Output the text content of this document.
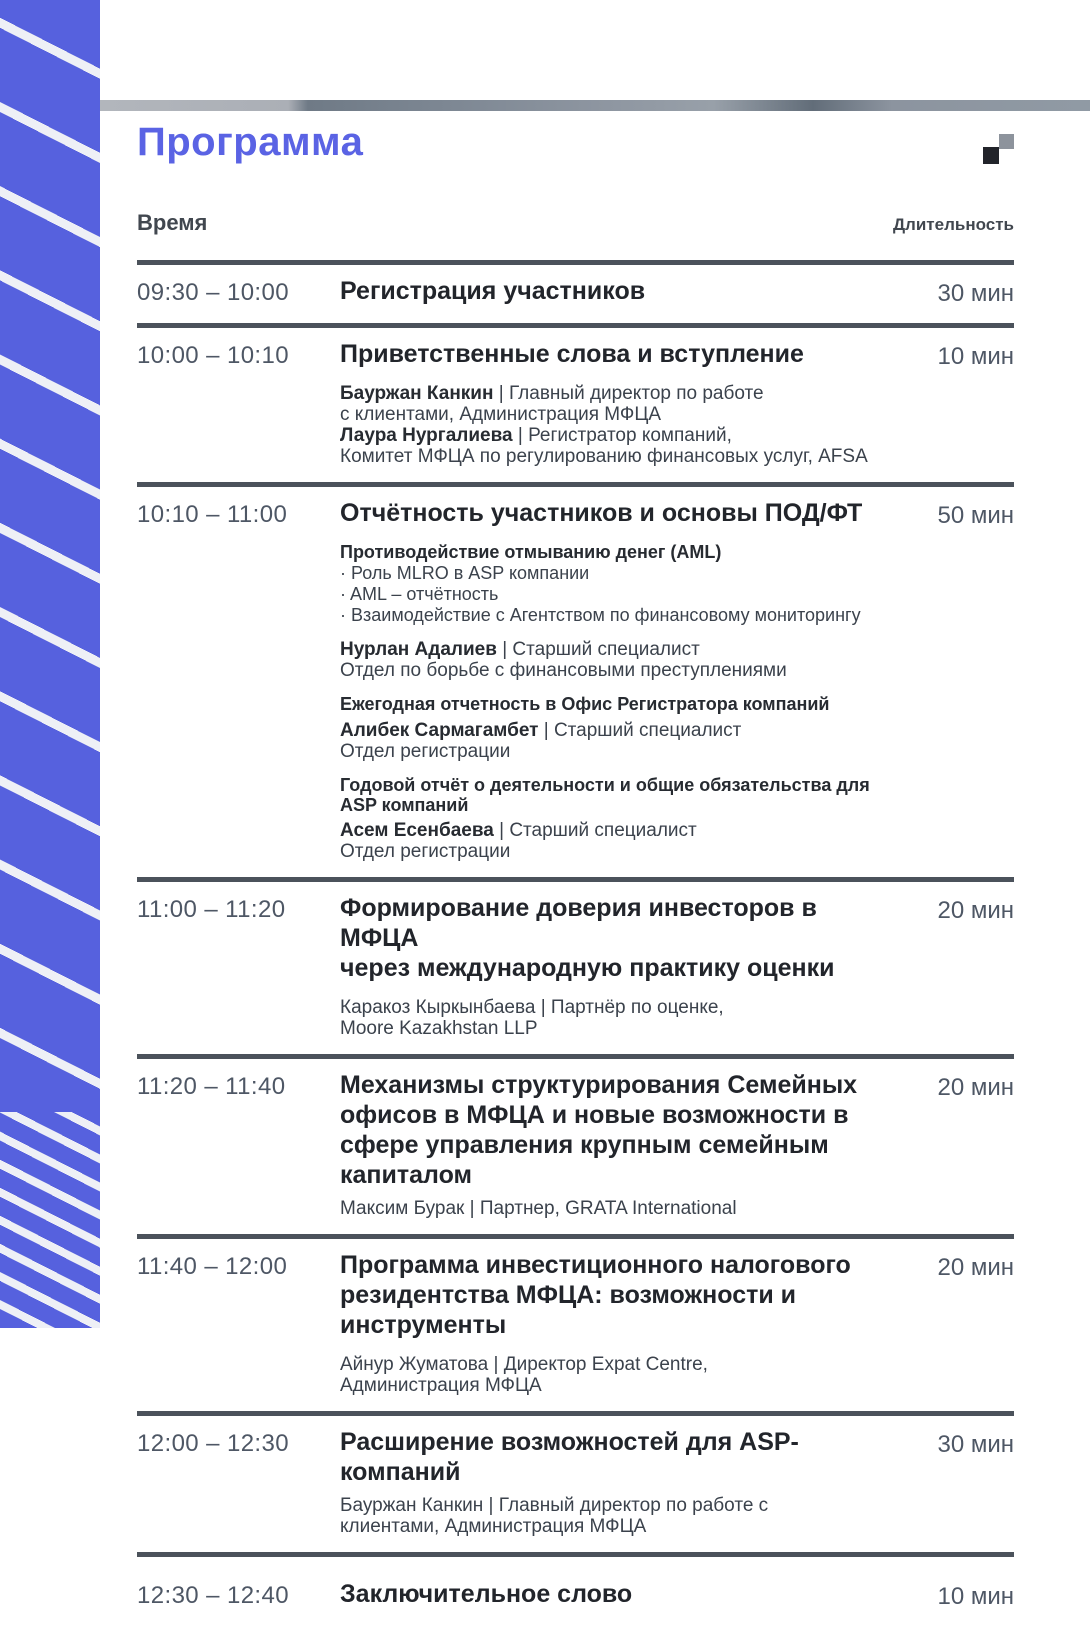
Программа
Время	Длительность
09:30 – 10:00	Регистрация участников	30 мин
10:00 – 10:10	Приветственные слова и вступление
Бауржан Канкин | Главный директор по работе
с клиентами, Администрация МФЦА
Лаура Нургалиева | Регистратор компаний,
Комитет МФЦА по регулированию финансовых услуг, AFSA
10 мин
10:10 – 11:00	Отчётность участников и основы ПОД/ФТ
Противодействие отмыванию денег (AML)
· Роль MLRO в ASP компании
· AML – отчётность
· Взаимодействие с Агентством по финансовому мониторингу
Нурлан Адалиев | Старший специалист
Отдел по борьбе с финансовыми преступлениями
Ежегодная отчетность в Офис Регистратора компаний
Алибек Сармагамбет | Старший специалист
Отдел регистрации
Годовой отчёт о деятельности и общие обязательства для ASP компаний
Асем Есенбаева | Старший специалист
Отдел регистрации
50 мин
11:00 – 11:20	Формирование доверия инвесторов в МФЦА
через международную практику оценки
Каракоз Кыркынбаева | Партнёр по оценке,
Moore Kazakhstan LLP
20 мин
11:20 – 11:40	Механизмы структурирования Семейных
офисов в МФЦА и новые возможности в
сфере управления крупным семейным
капиталом
Максим Бурак | Партнер, GRATA International
20 мин
11:40 – 12:00	Программа инвестиционного налогового
резидентства МФЦА: возможности и
инструменты
Айнур Жуматова | Директор Expat Centre,
Администрация МФЦА
20 мин
12:00 – 12:30	Расширение возможностей для ASP-компаний
Бауржан Канкин | Главный директор по работе с
клиентами, Администрация МФЦА
30 мин
12:30 – 12:40	Заключительное слово	10 мин
